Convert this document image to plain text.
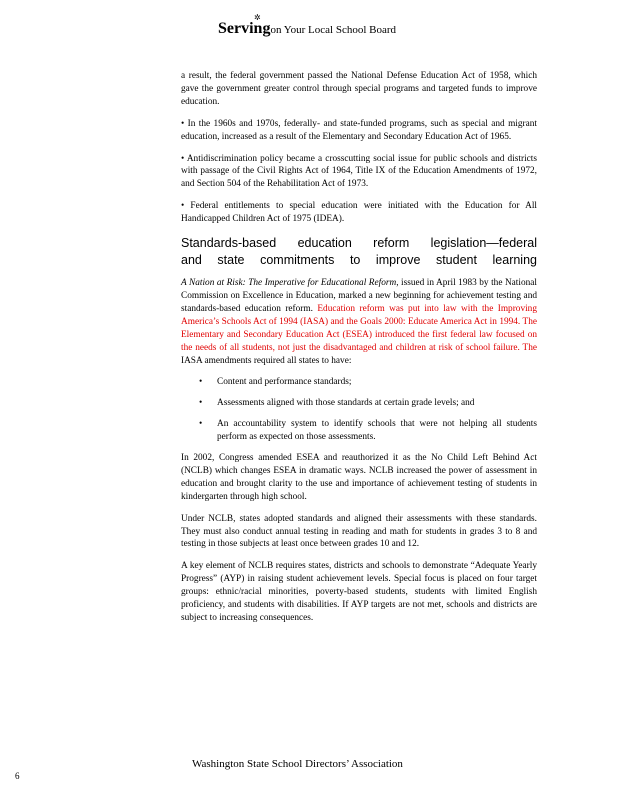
Serving
✲
on Your Local School Board

a result, the federal government passed the National Defense Education Act of 1958, which gave the government greater control through special programs and targeted funds to improve education.

• In the 1960s and 1970s, federally- and state-funded programs, such as special and migrant education, increased as a result of the Elementary and Secondary Education Act of 1965.

• Antidiscrimination policy became a crosscutting social issue for public schools and districts with passage of the Civil Rights Act of 1964, Title IX of the Education Amendments of 1972, and Section 504 of the Rehabilitation Act of 1973.

• Federal entitlements to special education were initiated with the Education for All Handicapped Children Act of 1975 (IDEA).

Standards-based education reform legislation—federal
and state commitments to improve student learning

A Nation at Risk: The Imperative for Educational Reform, issued in April 1983 by the National Commission on Excellence in Education, marked a new beginning for achievement testing and standards-based education reform. Education reform was put into law with the Improving America’s Schools Act of 1994 (IASA) and the Goals 2000: Educate America Act in 1994. The Elementary and Secondary Education Act (ESEA) introduced the first federal law focused on the needs of all students, not just the disadvantaged and children at risk of school failure. The IASA amendments required all states to have:

• Content and performance standards;
• Assessments aligned with those standards at certain grade levels; and
• An accountability system to identify schools that were not helping all students perform as expected on those assessments.

In 2002, Congress amended ESEA and reauthorized it as the No Child Left Behind Act (NCLB) which changes ESEA in dramatic ways. NCLB increased the power of assessment in education and brought clarity to the use and importance of achievement testing of students in kindergarten through high school.

Under NCLB, states adopted standards and aligned their assessments with these standards. They must also conduct annual testing in reading and math for students in grades 3 to 8 and testing in those subjects at least once between grades 10 and 12.

A key element of NCLB requires states, districts and schools to demonstrate “Adequate Yearly Progress” (AYP) in raising student achievement levels. Special focus is placed on four target groups: ethnic/racial minorities, poverty-based students, students with limited English proficiency, and students with disabilities. If AYP targets are not met, schools and districts are subject to increasing consequences.

Washington State School Directors’ Association
6
